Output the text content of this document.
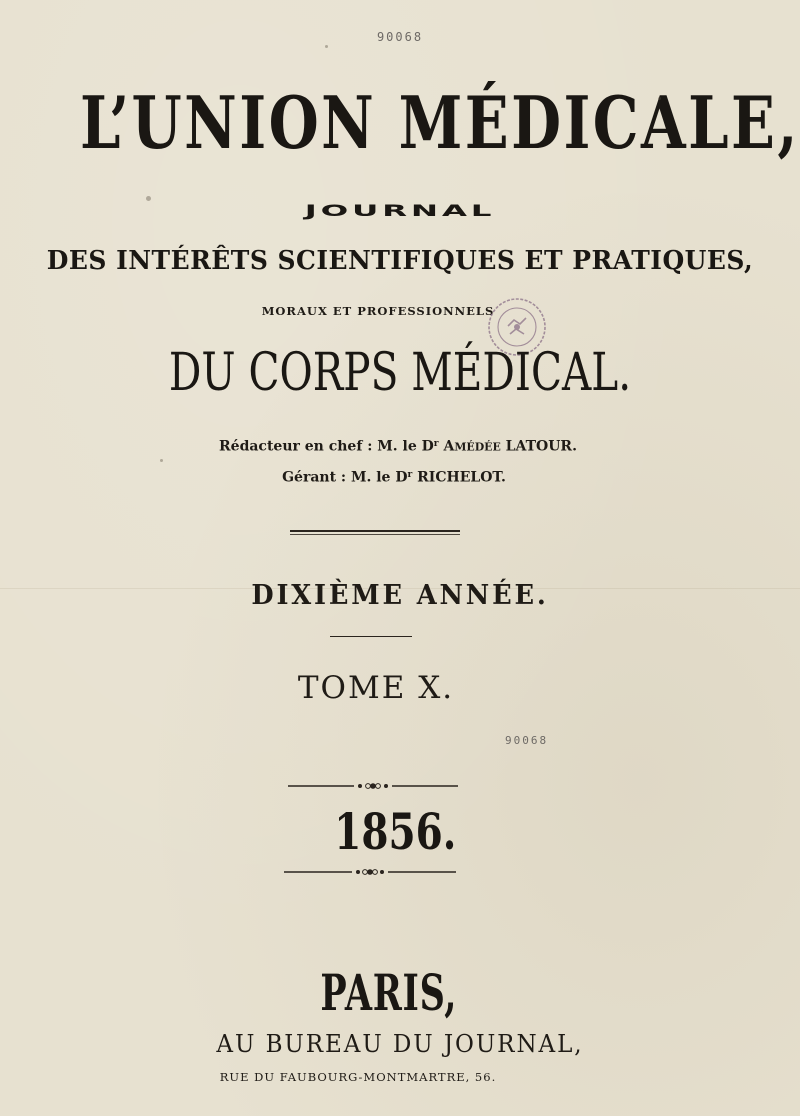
90068
L’UNION MÉDICALE,
JOURNAL
DES INTÉRÊTS SCIENTIFIQUES ET PRATIQUES,
MORAUX ET PROFESSIONNELS
DU CORPS MÉDICAL.
Rédacteur en chef : M. le $D^r$ AMÉDÉE LATOUR.
Gérant : M. le $D^r$ RICHELOT.
DIXIÈME ANNÉE.
TOME X.
90068
1856.
PARIS,
AU BUREAU DU JOURNAL,
RUE DU FAUBOURG-MONTMARTRE, 56.
